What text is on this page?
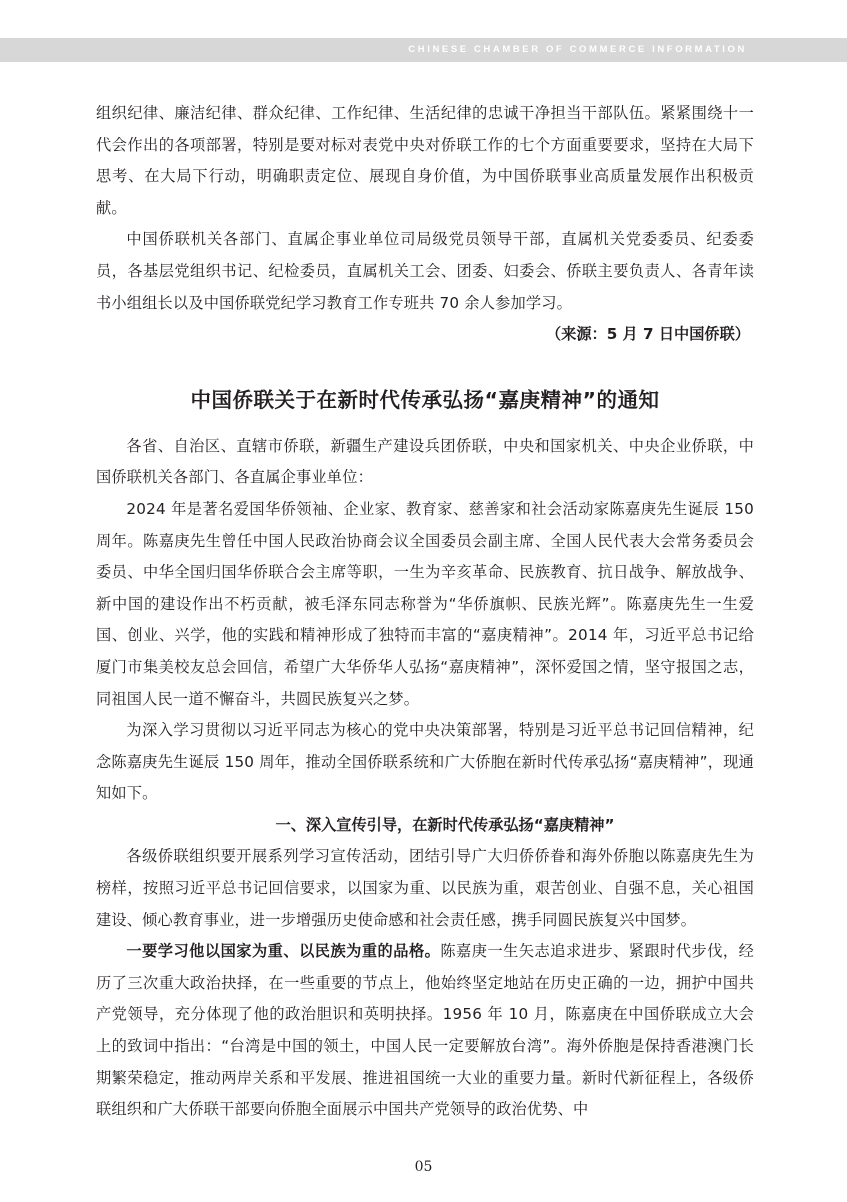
CHINESE CHAMBER OF COMMERCE INFORMATION

组织纪律、廉洁纪律、群众纪律、工作纪律、生活纪律的忠诚干净担当干部队伍。紧紧围绕十一代会作出的各项部署，特别是要对标对表党中央对侨联工作的七个方面重要要求，坚持在大局下思考、在大局下行动，明确职责定位、展现自身价值，为中国侨联事业高质量发展作出积极贡献。

中国侨联机关各部门、直属企事业单位司局级党员领导干部，直属机关党委委员、纪委委员，各基层党组织书记、纪检委员，直属机关工会、团委、妇委会、侨联主要负责人、各青年读书小组组长以及中国侨联党纪学习教育工作专班共 70 余人参加学习。

（来源：5 月 7 日中国侨联）

中国侨联关于在新时代传承弘扬“嘉庚精神”的通知

各省、自治区、直辖市侨联，新疆生产建设兵团侨联，中央和国家机关、中央企业侨联，中国侨联机关各部门、各直属企事业单位：

2024 年是著名爱国华侨领袖、企业家、教育家、慈善家和社会活动家陈嘉庚先生诞辰 150 周年。陈嘉庚先生曾任中国人民政治协商会议全国委员会副主席、全国人民代表大会常务委员会委员、中华全国归国华侨联合会主席等职，一生为辛亥革命、民族教育、抗日战争、解放战争、新中国的建设作出不朽贡献，被毛泽东同志称誉为“华侨旗帜、民族光辉”。陈嘉庚先生一生爱国、创业、兴学，他的实践和精神形成了独特而丰富的“嘉庚精神”。2014 年，习近平总书记给厦门市集美校友总会回信，希望广大华侨华人弘扬“嘉庚精神”，深怀爱国之情，坚守报国之志，同祖国人民一道不懈奋斗，共圆民族复兴之梦。

为深入学习贯彻以习近平同志为核心的党中央决策部署，特别是习近平总书记回信精神，纪念陈嘉庚先生诞辰 150 周年，推动全国侨联系统和广大侨胞在新时代传承弘扬“嘉庚精神”，现通知如下。

一、深入宣传引导，在新时代传承弘扬“嘉庚精神”

各级侨联组织要开展系列学习宣传活动，团结引导广大归侨侨眷和海外侨胞以陈嘉庚先生为榜样，按照习近平总书记回信要求，以国家为重、以民族为重，艰苦创业、自强不息，关心祖国建设、倾心教育事业，进一步增强历史使命感和社会责任感，携手同圆民族复兴中国梦。

一要学习他以国家为重、以民族为重的品格。陈嘉庚一生矢志追求进步、紧跟时代步伐，经历了三次重大政治抉择，在一些重要的节点上，他始终坚定地站在历史正确的一边，拥护中国共产党领导，充分体现了他的政治胆识和英明抉择。1956 年 10 月，陈嘉庚在中国侨联成立大会上的致词中指出：“台湾是中国的领土，中国人民一定要解放台湾”。海外侨胞是保持香港澳门长期繁荣稳定，推动两岸关系和平发展、推进祖国统一大业的重要力量。新时代新征程上，各级侨联组织和广大侨联干部要向侨胞全面展示中国共产党领导的政治优势、中

05
